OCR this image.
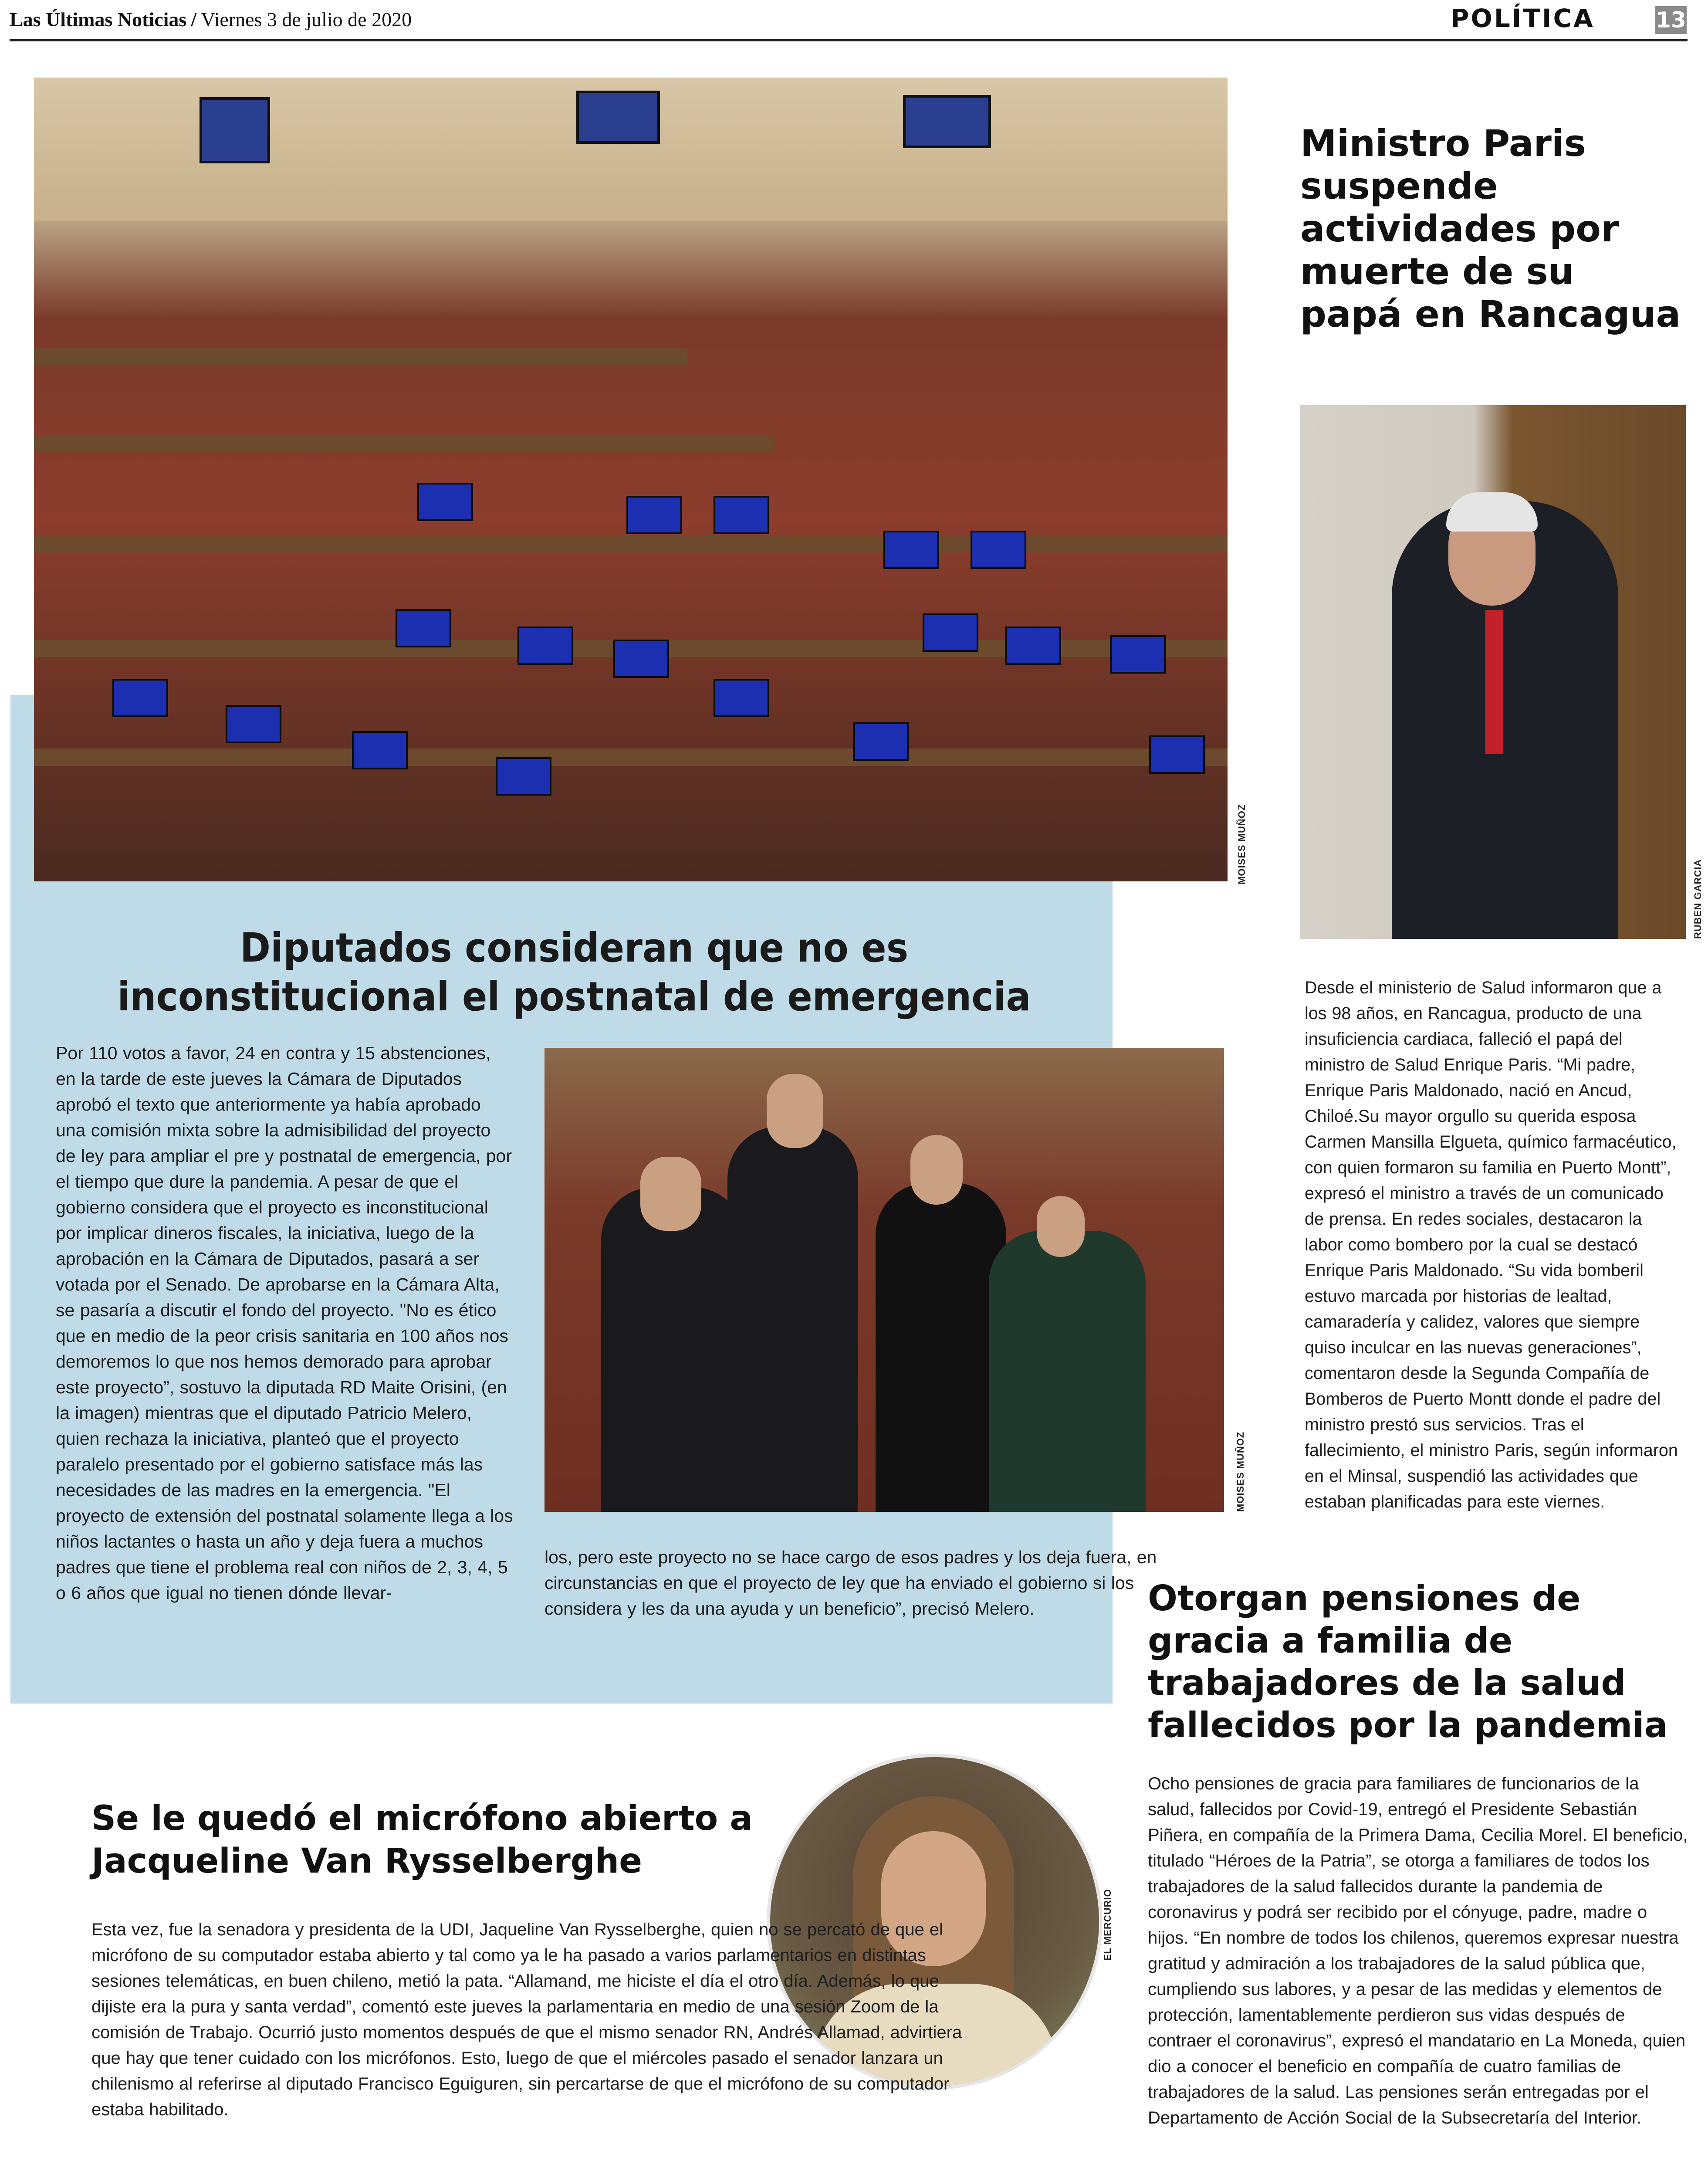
Las Últimas Noticias / Viernes 3 de julio de 2020	POLÍTICA	13
MOISES MUÑOZ
Ministro Paris suspende actividades por muerte de su papá en Rancagua
RUBEN GARCIA
Desde el ministerio de Salud informaron que a los 98 años, en Rancagua, producto de una insuficiencia cardiaca, falleció el papá del ministro de Salud Enrique Paris. “Mi padre, Enrique Paris Maldonado, nació en Ancud, Chiloé.Su mayor orgullo su querida esposa Carmen Mansilla Elgueta, químico farmacéutico, con quien formaron su familia en Puerto Montt”, expresó el ministro a través de un comunicado de prensa. En redes sociales, destacaron la labor como bombero por la cual se destacó Enrique Paris Maldonado. “Su vida bomberil estuvo marcada por historias de lealtad, camaradería y calidez, valores que siempre quiso inculcar en las nuevas generaciones”, comentaron desde la Segunda Compañía de Bomberos de Puerto Montt donde el padre del ministro prestó sus servicios. Tras el fallecimiento, el ministro Paris, según informaron en el Minsal, suspendió las actividades que estaban planificadas para este viernes.
Diputados consideran que no es inconstitucional el postnatal de emergencia
Por 110 votos a favor, 24 en contra y 15 abstenciones, en la tarde de este jueves la Cámara de Diputados aprobó el texto que anteriormente ya había aprobado una comisión mixta sobre la admisibilidad del proyecto de ley para ampliar el pre y postnatal de emergencia, por el tiempo que dure la pandemia. A pesar de que el gobierno considera que el proyecto es inconstitucional por implicar dineros fiscales, la iniciativa, luego de la aprobación en la Cámara de Diputados, pasará a ser votada por el Senado. De aprobarse en la Cámara Alta, se pasaría a discutir el fondo del proyecto. "No es ético que en medio de la peor crisis sanitaria en 100 años nos demoremos lo que nos hemos demorado para aprobar este proyecto”, sostuvo la diputada RD Maite Orisini, (en la imagen) mientras que el diputado Patricio Melero, quien rechaza la iniciativa, planteó que el proyecto paralelo presentado por el gobierno satisface más las necesidades de las madres en la emergencia. "El proyecto de extensión del postnatal solamente llega a los niños lactantes o hasta un año y deja fuera a muchos padres que tiene el problema real con niños de 2, 3, 4, 5 o 6 años que igual no tienen dónde llevar-
MOISES MUÑOZ
los, pero este proyecto no se hace cargo de esos padres y los deja fuera, en circunstancias en que el proyecto de ley que ha enviado el gobierno si los considera y les da una ayuda y un beneficio”, precisó Melero.	Otorgan pensiones de gracia a familia de trabajadores de la salud fallecidos por la pandemia
Ocho pensiones de gracia para familiares de funcionarios de la salud, fallecidos por Covid-19, entregó el Presidente Sebastián Piñera, en compañía de la Primera Dama, Cecilia Morel. El beneficio, titulado “Héroes de la Patria”, se otorga a familiares de todos los trabajadores de la salud fallecidos durante la pandemia de coronavirus y podrá ser recibido por el cónyuge, padre, madre o hijos. “En nombre de todos los chilenos, queremos expresar nuestra gratitud y admiración a los trabajadores de la salud pública que, cumpliendo sus labores, y a pesar de las medidas y elementos de protección, lamentablemente perdieron sus vidas después de contraer el coronavirus”, expresó el mandatario en La Moneda, quien dio a conocer el beneficio en compañía de cuatro familias de trabajadores de la salud. Las pensiones serán entregadas por el Departamento de Acción Social de la Subsecretaría del Interior.
Se le quedó el micrófono abierto a Jacqueline Van Rysselberghe
EL MERCURIO
Esta vez, fue la senadora y presidenta de la UDI, Jaqueline Van Rysselberghe, quien no se percató de que el micrófono de su computador estaba abierto y tal como ya le ha pasado a varios parlamentarios en distintas sesiones telemáticas, en buen chileno, metió la pata. “Allamand, me hiciste el día el otro día. Además, lo que dijiste era la pura y santa verdad”, comentó este jueves la parlamentaria en medio de una sesión Zoom de la comisión de Trabajo. Ocurrió justo momentos después de que el mismo senador RN, Andrés Allamad, advirtiera que hay que tener cuidado con los micrófonos. Esto, luego de que el miércoles pasado el senador lanzara un chilenismo al referirse al diputado Francisco Eguiguren, sin percartarse de que el micrófono de su computador estaba habilitado.
